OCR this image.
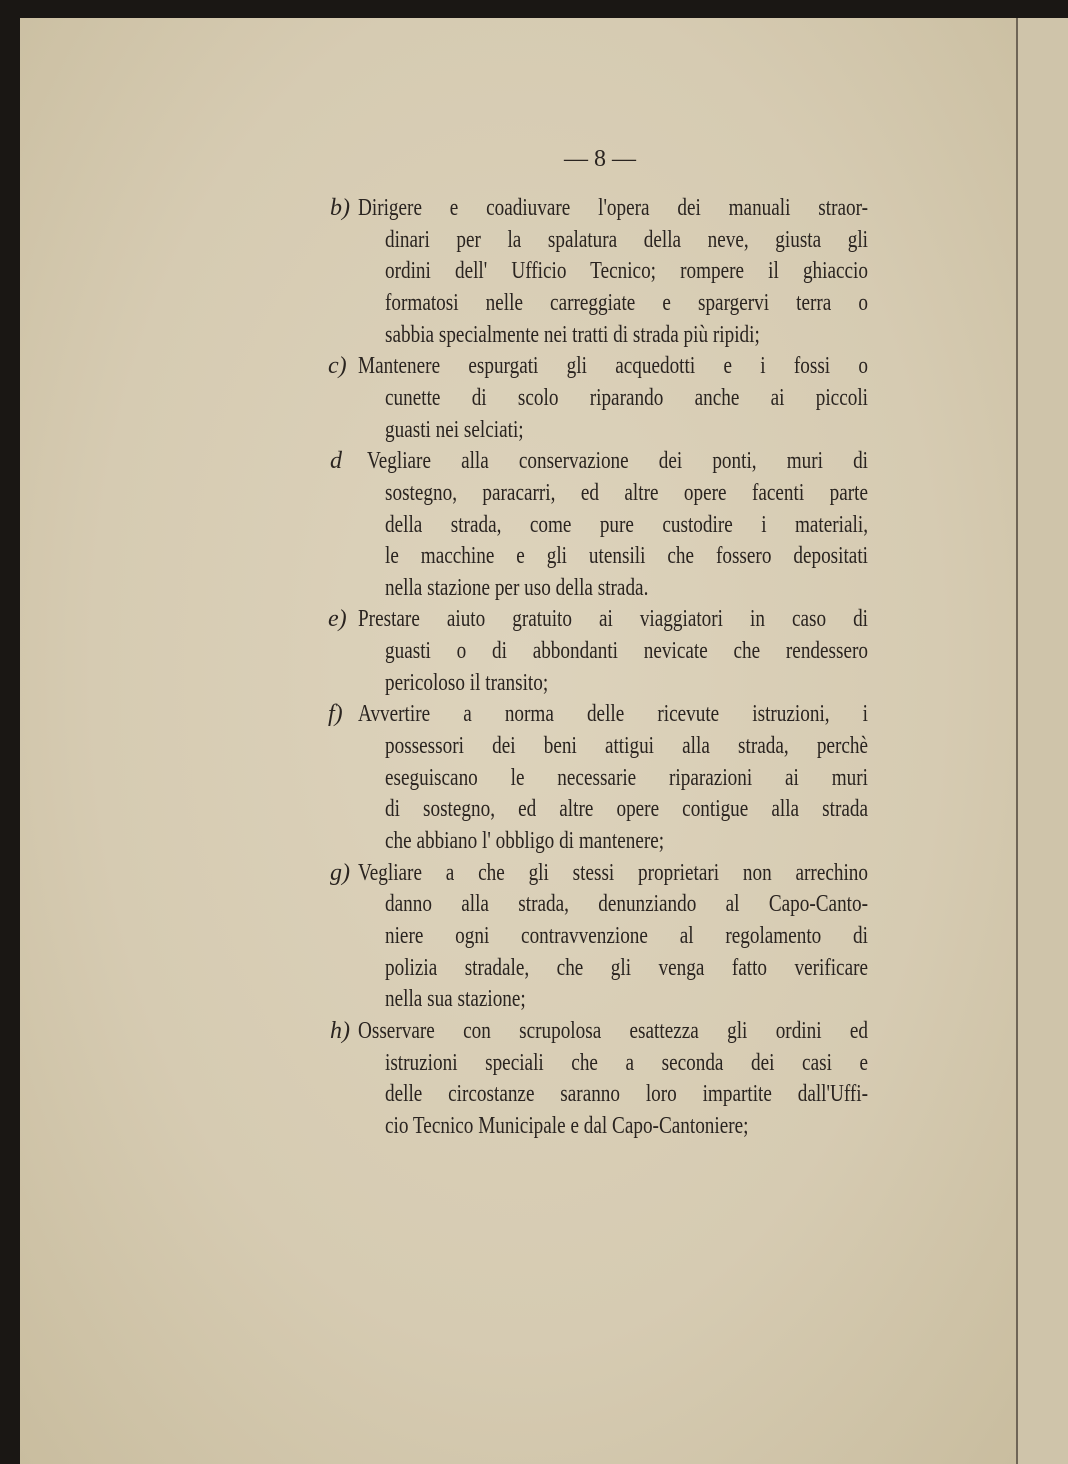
— 8 —
b) Dirigere e coadiuvare l'opera dei manuali straor-
dinari per la spalatura della neve, giusta gli
ordini dell' Ufficio Tecnico; rompere il ghiaccio
formatosi nelle carreggiate e spargervi terra o
sabbia specialmente nei tratti di strada più ripidi;
c) Mantenere espurgati gli acquedotti e i fossi o
cunette di scolo riparando anche ai piccoli
guasti nei selciati;
d Vegliare alla conservazione dei ponti, muri di
sostegno, paracarri, ed altre opere facenti parte
della strada, come pure custodire i materiali,
le macchine e gli utensili che fossero depositati
nella stazione per uso della strada.
e) Prestare aiuto gratuito ai viaggiatori in caso di
guasti o di abbondanti nevicate che rendessero
pericoloso il transito;
f) Avvertire a norma delle ricevute istruzioni, i
possessori dei beni attigui alla strada, perchè
eseguiscano le necessarie riparazioni ai muri
di sostegno, ed altre opere contigue alla strada
che abbiano l' obbligo di mantenere;
g) Vegliare a che gli stessi proprietari non arrechino
danno alla strada, denunziando al Capo-Canto-
niere ogni contravvenzione al regolamento di
polizia stradale, che gli venga fatto verificare
nella sua stazione;
h) Osservare con scrupolosa esattezza gli ordini ed
istruzioni speciali che a seconda dei casi e
delle circostanze saranno loro impartite dall'Uffi-
cio Tecnico Municipale e dal Capo-Cantoniere;
